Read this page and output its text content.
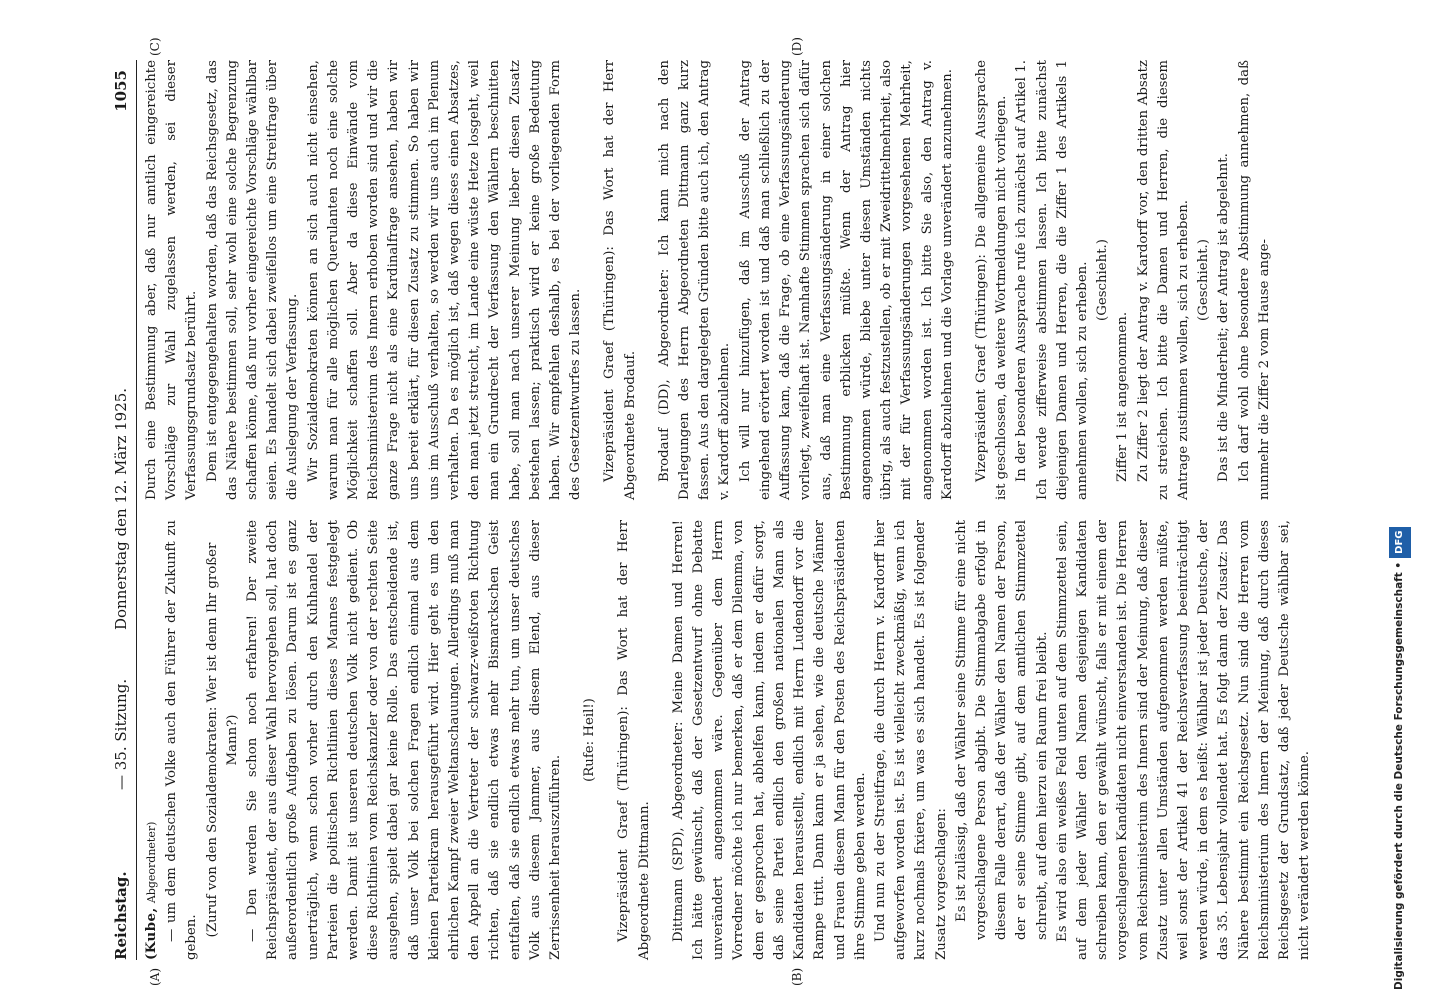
Reichstag.
— 35. Sitzung.
Donnerstag den 12. März 1925.
1055
(A)	(B)
(C)	(D)

(Kube, Abgeordneter) — um dem deutschen Volke auch den Führer der Zukunft zu geben. (Zuruf von den Sozialdemokraten: Wer ist denn Ihr großer Mann?) — Den werden Sie schon noch erfahren! Der zweite Reichspräsident, der aus dieser Wahl hervorgehen soll, hat doch außerordentlich große Aufgaben zu lösen. Darum ist es ganz unerträglich, wenn schon vorher durch den Kuhhandel der Parteien die politischen Richtlinien dieses Mannes festgelegt werden. Damit ist unseren deutschen Volk nicht gedient. Ob diese Richtlinien vom Reichskanzler oder von der rechten Seite ausgehen, spielt dabei gar keine Rolle. Das entscheidende ist, daß unser Volk bei solchen Fragen endlich einmal aus dem kleinen Parteikram herausgeführt wird. Hier geht es um den ehrlichen Kampf zweier Weltanschauungen. Allerdings muß man den Appell an die Vertreter der schwarz-weißroten Richtung richten, daß sie endlich etwas mehr Bismarckschen Geist entfalten, daß sie endlich etwas mehr tun, um unser deutsches Volk aus diesem Jammer, aus diesem Elend, aus dieser Zerrissenheit herauszuführen.

(Rufe: Heil!) Vizepräsident Graef (Thüringen): Das Wort hat der Herr Abgeordnete Dittmann. Dittmann (SPD), Abgeordneter: Meine Damen und Herren! Ich hätte gewünscht, daß der Gesetzentwurf ohne Debatte unverändert angenommen wäre. Gegenüber dem Herrn Vorredner möchte ich nur bemerken, daß er dem Dilemma, von dem er gesprochen hat, abhelfen kann, indem er dafür sorgt, daß seine Partei endlich den großen nationalen Mann als Kandidaten herausstellt, endlich mit Herrn Ludendorff vor die Rampe tritt. Dann kann er ja sehen, wie die deutsche Männer und Frauen diesem Mann für den Posten des Reichspräsidenten ihre Stimme geben werden. Und nun zu der Streitfrage, die durch Herrn v. Kardorff hier aufgeworfen worden ist. Es ist vielleicht zweckmäßig, wenn ich kurz nochmals fixiere, um was es sich handelt. Es ist folgender Zusatz vorgeschlagen: Es ist zulässig, daß der Wähler seine Stimme für eine nicht vorgeschlagene Person abgibt. Die Stimmabgabe erfolgt in diesem Falle derart, daß der Wähler den Namen der Person, der er seine Stimme gibt, auf dem amtlichen Stimmzettel schreibt, auf dem hierzu ein Raum frei bleibt. Es wird also ein weißes Feld unten auf dem Stimmzettel sein, auf dem jeder Wähler den Namen desjenigen Kandidaten schreiben kann, den er gewählt wünscht, falls er mit einem der vorgeschlagenen Kandidaten nicht einverstanden ist. Die Herren vom Reichsministerium des Innern sind der Meinung, daß dieser Zusatz unter allen Umständen aufgenommen werden müßte, weil sonst der Artikel 41 der Reichsverfassung beeinträchtigt werden würde, in dem es heißt: Wählbar ist jeder Deutsche, der das 35. Lebensjahr vollendet hat. Es folgt dann der Zusatz: Das Nähere bestimmt ein Reichsgesetz. Nun sind die Herren vom Reichsministerium des Innern der Meinung, daß durch dieses Reichsgesetz der Grundsatz, daß jeder Deutsche wählbar sei, nicht verändert werden könne.

Durch eine Bestimmung aber, daß nur amtlich eingereichte Vorschläge zur Wahl zugelassen werden, sei dieser Verfassungsgrundsatz berührt. Dem ist entgegengehalten worden, daß das Reichsgesetz, das das Nähere bestimmen soll, sehr wohl eine solche Begrenzung schaffen könne, daß nur vorher eingereichte Vorschläge wählbar seien. Es handelt sich dabei zweifellos um eine Streitfrage über die Auslegung der Verfassung. Wir Sozialdemokraten können an sich auch nicht einsehen, warum man für alle möglichen Querulanten noch eine solche Möglichkeit schaffen soll. Aber da diese Einwände vom Reichsministerium des Innern erhoben worden sind und wir die ganze Frage nicht als eine Kardinalfrage ansehen, haben wir uns bereit erklärt, für diesen Zusatz zu stimmen. So haben wir uns im Ausschuß verhalten, so werden wir uns auch im Plenum verhalten. Da es möglich ist, daß wegen dieses einen Absatzes, den man jetzt streicht, im Lande eine wüste Hetze losgeht, weil man ein Grundrecht der Verfassung den Wählern beschnitten habe, soll man nach unserer Meinung lieber diesen Zusatz bestehen lassen; praktisch wird er keine große Bedeutung haben. Wir empfehlen deshalb, es bei der vorliegenden Form des Gesetzentwurfes zu lassen. Vizepräsident Graef (Thüringen): Das Wort hat der Herr Abgeordnete Brodauf. Brodauf (DD), Abgeordneter: Ich kann mich nach den Darlegungen des Herrn Abgeordneten Dittmann ganz kurz fassen. Aus den dargelegten Gründen bitte auch ich, den Antrag v. Kardorff abzulehnen. Ich will nur hinzufügen, daß im Ausschuß der Antrag eingehend erörtert worden ist und daß man schließlich zu der Auffassung kam, daß die Frage, ob eine Verfassungsänderung vorliegt, zweifelhaft ist. Namhafte Stimmen sprachen sich dafür aus, daß man eine Verfassungsänderung in einer solchen Bestimmung erblicken müßte. Wenn der Antrag hier angenommen würde, bliebe unter diesen Umständen nichts übrig, als auch festzustellen, ob er mit Zweidrittelmehrheit, also mit der für Verfassungsänderungen vorgesehenen Mehrheit, angenommen worden ist. Ich bitte Sie also, den Antrag v. Kardorff abzulehnen und die Vorlage unverändert anzunehmen. Vizepräsident Graef (Thüringen): Die allgemeine Aussprache ist geschlossen, da weitere Wortmeldungen nicht vorliegen. In der besonderen Aussprache rufe ich zunächst auf Artikel 1. Ich werde zifferweise abstimmen lassen. Ich bitte zunächst diejenigen Damen und Herren, die die Ziffer 1 des Artikels 1 annehmen wollen, sich zu erheben. (Geschieht.)

Ziffer 1 ist angenommen. Zu Ziffer 2 liegt der Antrag v. Kardorff vor, den dritten Absatz zu streichen. Ich bitte die Damen und Herren, die diesem Antrage zustimmen wollen, sich zu erheben. (Geschieht.) Das ist die Minderheit; der Antrag ist abgelehnt. Ich darf wohl ohne besondere Abstimmung annehmen, daß nunmehr die Ziffer 2 vom Hause ange-

Digitalisierung gefördert durch die Deutsche Forschungsgemeinschaft •DFG
